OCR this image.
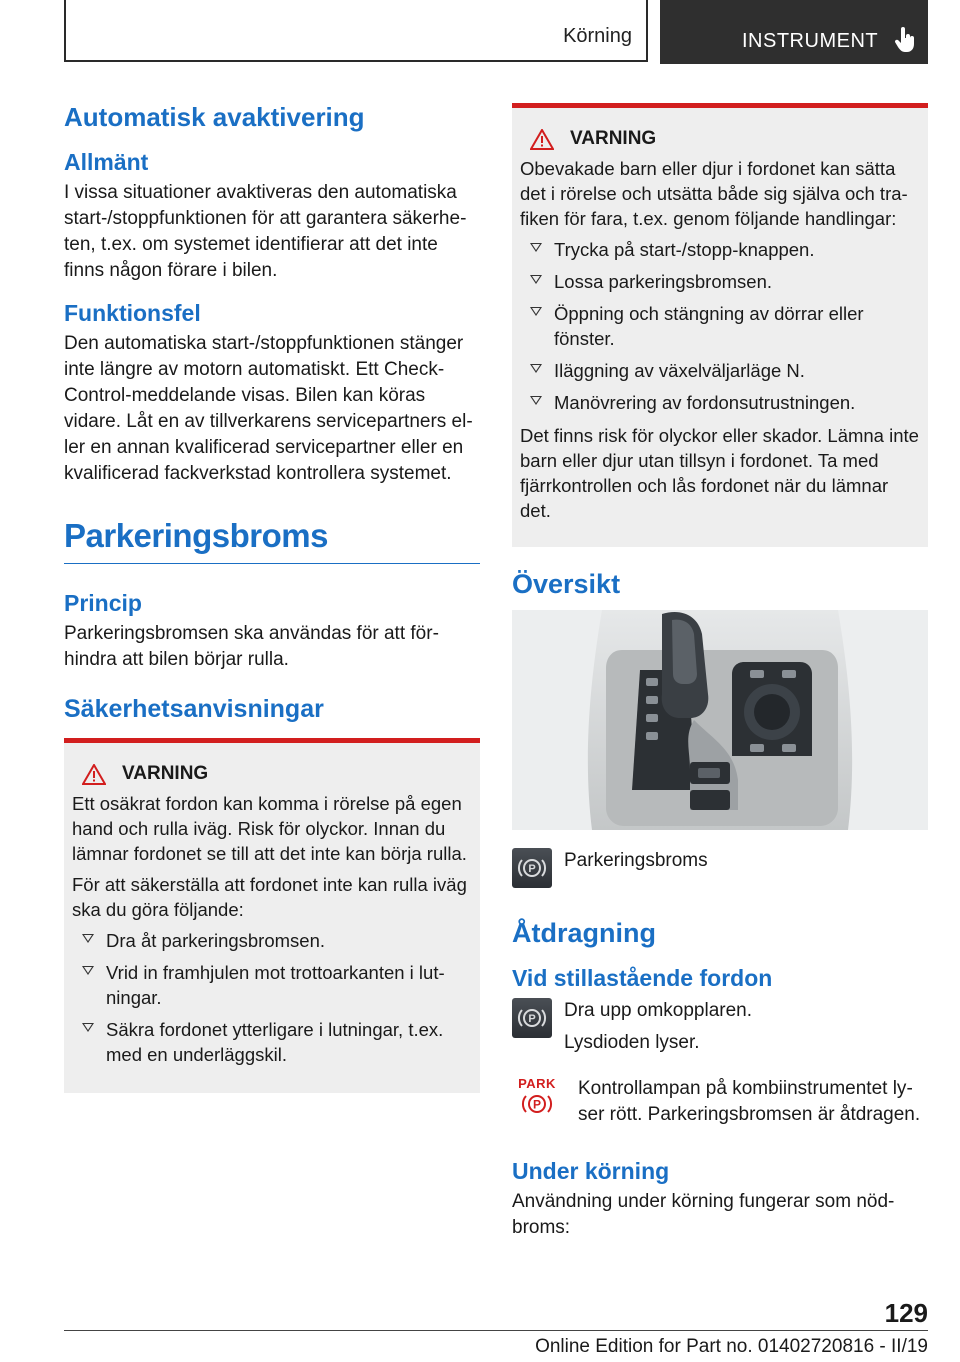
Körning	INSTRUMENT
Automatisk avaktivering
Allmänt

I vissa situationer avaktiveras den automatiska start-/stoppfunktionen för att garantera säkerheten, t.ex. om systemet identifierar att det inte finns någon förare i bilen.

Funktionsfel

Den automatiska start-/stoppfunktionen stänger inte längre av motorn automatiskt. Ett Check-Control-meddelande visas. Bilen kan köras vidare. Låt en av tillverkarens servicepartners eller en annan kvalificerad servicepartner eller en kvalificerad fackverkstad kontrollera systemet.

Parkeringsbroms
Princip

Parkeringsbromsen ska användas för att förhindra att bilen börjar rulla.

Säkerhetsanvisningar
VARNING

Ett osäkrat fordon kan komma i rörelse på egen hand och rulla iväg. Risk för olyckor. Innan du lämnar fordonet se till att det inte kan börja rulla.

För att säkerställa att fordonet inte kan rulla iväg ska du göra följande:

Dra åt parkeringsbromsen.
Vrid in framhjulen mot trottoarkanten i lutningar.
Säkra fordonet ytterligare i lutningar, t.ex. med en underläggskil.
VARNING

Obevakade barn eller djur i fordonet kan sätta det i rörelse och utsätta både sig själva och trafiken för fara, t.ex. genom följande handlingar:

Trycka på start-/stopp-knappen.
Lossa parkeringsbromsen.
Öppning och stängning av dörrar eller fönster.
Iläggning av växelväljarläge N.
Manövrering av fordonsutrustningen.

Det finns risk för olyckor eller skador. Lämna inte barn eller djur utan tillsyn i fordonet. Ta med fjärrkontrollen och lås fordonet när du lämnar det.

Översikt
P Parkeringsbroms
Åtdragning
Vid stillastående fordon
P Dra upp omkopplaren.
Lysdioden lyser.
PARK
P
Kontrollampan på kombiinstrumentet lyser rött. Parkeringsbromsen är åtdragen.
Under körning

Användning under körning fungerar som nödbroms:

129
Online Edition for Part no. 01402720816 - II/19
